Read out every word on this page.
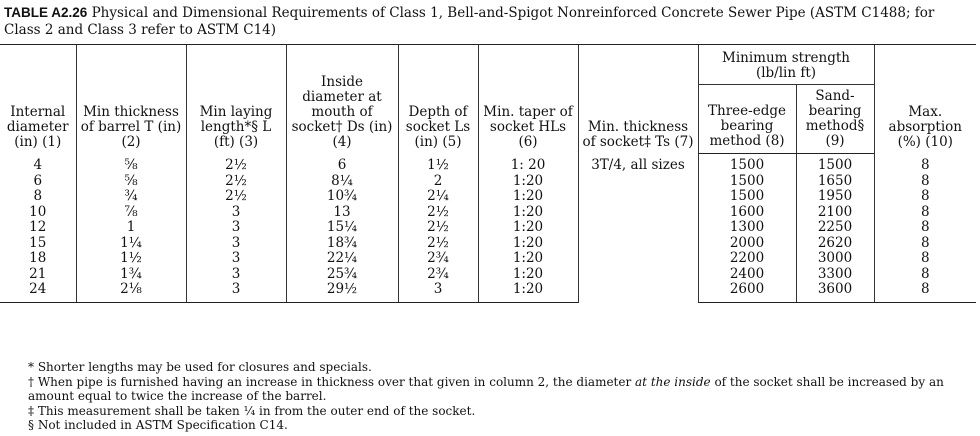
TABLE A2.26 Physical and Dimensional Requirements of Class 1, Bell-and-Spigot Nonreinforced Concrete Sewer Pipe (ASTM C1488; for Class 2 and Class 3 refer to ASTM C14)
Internal diameter (in) (1)	Min thickness of barrel T (in) (2)	Min laying length*§ L (ft) (3)	Inside diameter at mouth of socket† Ds (in) (4)	Depth of socket Ls (in) (5)	Min. taper of socket HLs (6)	Min. thickness of socket‡ Ts (7)	Minimum strength (lb/lin ft)		Max. absorption (%) (10)
							Three-edge bearing method (8)	Sand-bearing method§ (9)	
4	⅝	2½	6	1½	1: 20	3T/4, all sizes	1500	1500	8
6	⅝	2½	8¼	2	1:20		1500	1650	8
8	¾	2½	10¾	2¼	1:20		1500	1950	8
10	⅞	3	13	2½	1:20		1600	2100	8
12	1	3	15¼	2½	1:20		1300	2250	8
15	1¼	3	18¾	2½	1:20		2000	2620	8
18	1½	3	22¼	2¾	1:20		2200	3000	8
21	1¾	3	25¾	2¾	1:20		2400	3300	8
24	2⅛	3	29½	3	1:20		2600	3600	8
* Shorter lengths may be used for closures and specials.
† When pipe is furnished having an increase in thickness over that given in column 2, the diameter at the inside of the socket shall be increased by an amount equal to twice the increase of the barrel.
‡ This measurement shall be taken ¼ in from the outer end of the socket.
§ Not included in ASTM Specification C14.
